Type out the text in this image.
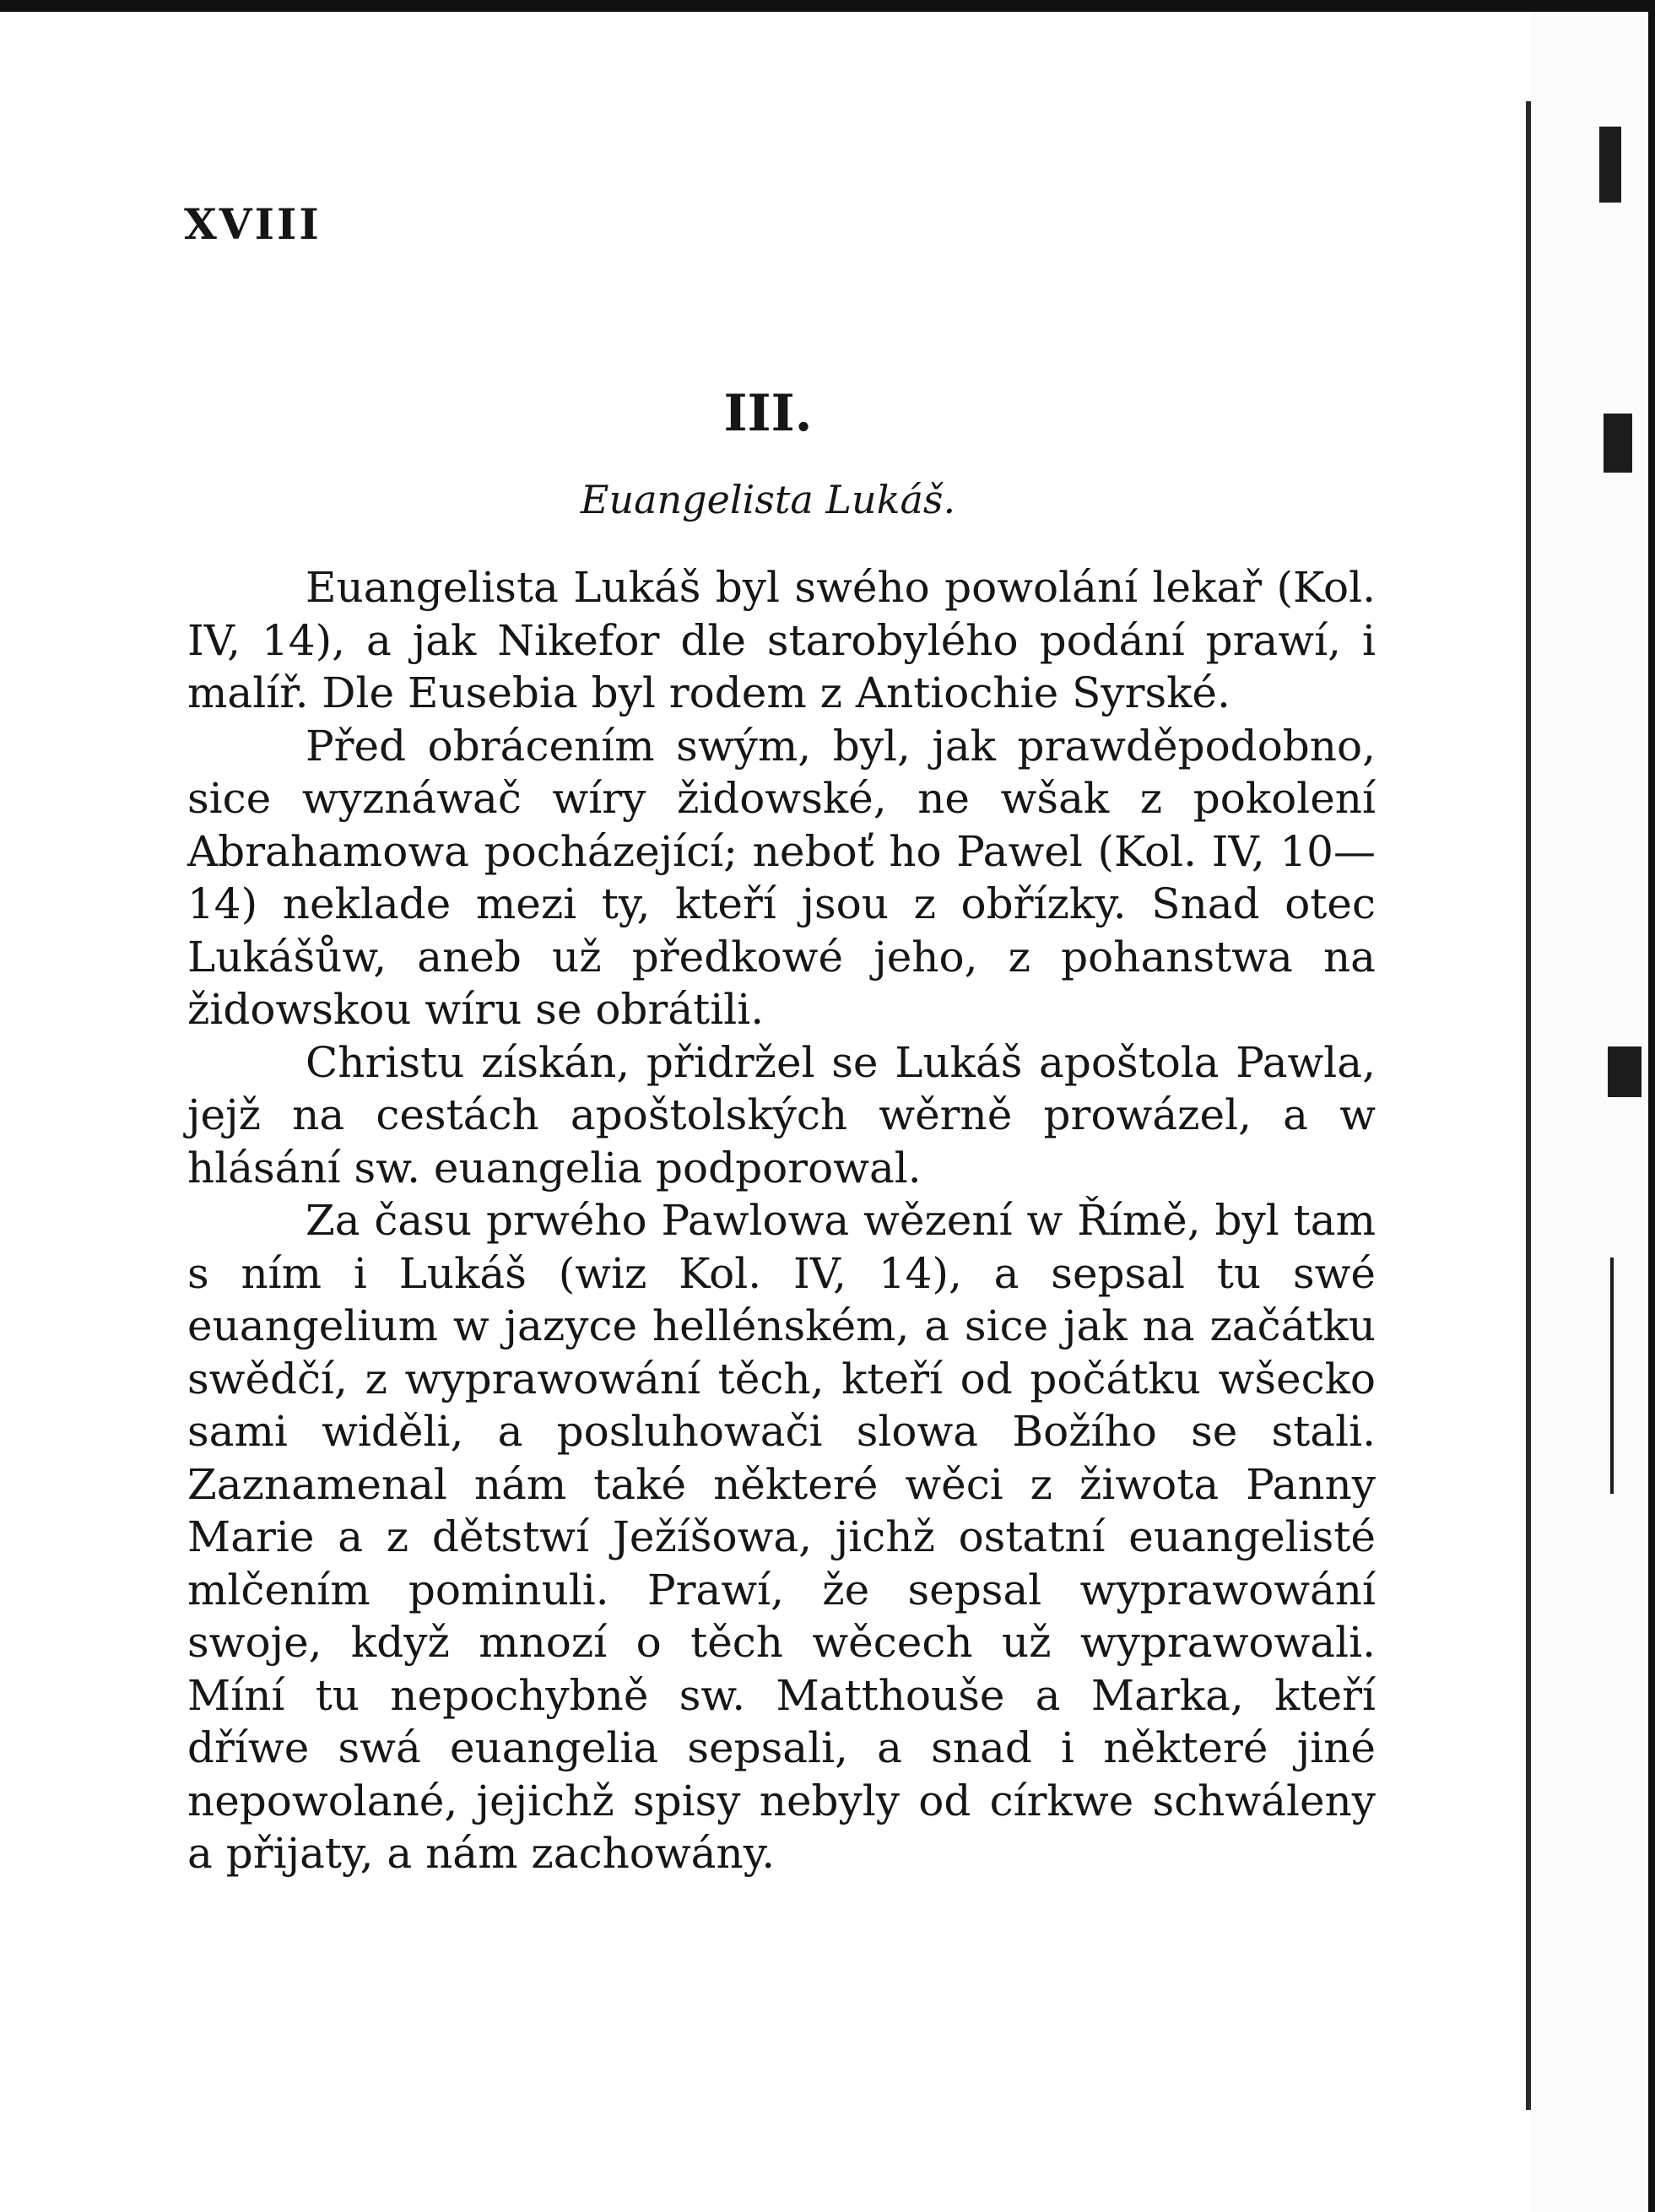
XVIII
III.
Euangelista Lukáš.

Euangelista Lukáš byl swého powolání lekař (Kol. IV, 14), a jak Nikefor dle starobylého podání prawí, i malíř. Dle Eusebia byl rodem z Antiochie Syrské.

Před obrácením swým, byl, jak prawděpodobno, sice wyznáwač wíry židowské, ne wšak z pokolení Abrahamowa pocházející; neboť ho Pawel (Kol. IV, 10—14) neklade mezi ty, kteří jsou z obřízky. Snad otec Lukášůw, aneb už předkowé jeho, z pohanstwa na židowskou wíru se obrátili.

Christu získán, přidržel se Lukáš apoštola Pawla, jejž na cestách apoštolských wěrně prowázel, a w hlásání sw. euangelia podporowal.

Za času prwého Pawlowa wězení w Římě, byl tam s ním i Lukáš (wiz Kol. IV, 14), a sepsal tu swé euangelium w jazyce hellénském, a sice jak na začátku swědčí, z wyprawowání těch, kteří od počátku wšecko sami widěli, a posluhowači slowa Božího se stali. Zaznamenal nám také některé wěci z žiwota Panny Marie a z dětstwí Ježíšowa, jichž ostatní euangelisté mlčením pominuli. Prawí, že sepsal wyprawowání swoje, když mnozí o těch wěcech už wyprawowali. Míní tu nepochybně sw. Matthouše a Marka, kteří dříwe swá euangelia sepsali, a snad i některé jiné nepowolané, jejichž spisy nebyly od církwe schwáleny a přijaty, a nám zachowány.
